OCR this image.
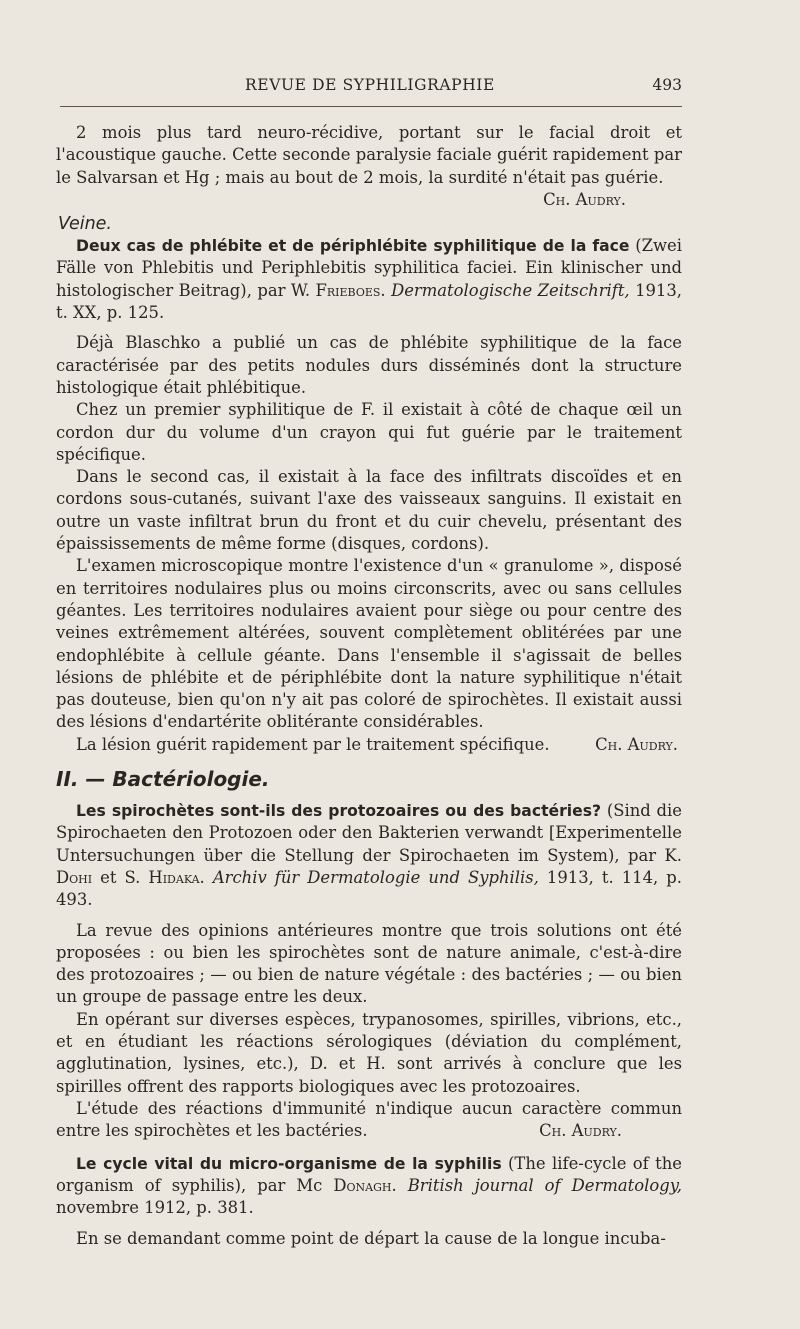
REVUE DE SYPHILIGRAPHIE	493

2 mois plus tard neuro-récidive, portant sur le facial droit et l'acoustique gauche. Cette seconde paralysie faciale guérit rapidement par le Salvarsan et Hg ; mais au bout de 2 mois, la surdité n'était pas guérie.

Ch. Audry.

Veine.

Deux cas de phlébite et de périphlébite syphilitique de la face (Zwei Fälle von Phlebitis und Periphlebitis syphilitica faciei. Ein klinischer und histologischer Beitrag), par W. Frieboes. Dermatologische Zeitschrift, 1913, t. XX, p. 125.

Déjà Blaschko a publié un cas de phlébite syphilitique de la face caractérisée par des petits nodules durs disséminés dont la structure histologique était phlébitique.

Chez un premier syphilitique de F. il existait à côté de chaque œil un cordon dur du volume d'un crayon qui fut guérie par le traitement spécifique.

Dans le second cas, il existait à la face des infiltrats discoïdes et en cordons sous-cutanés, suivant l'axe des vaisseaux sanguins. Il existait en outre un vaste infiltrat brun du front et du cuir chevelu, présentant des épaississements de même forme (disques, cordons).

L'examen microscopique montre l'existence d'un « granulome », disposé en territoires nodulaires plus ou moins circonscrits, avec ou sans cellules géantes. Les territoires nodulaires avaient pour siège ou pour centre des veines extrêmement altérées, souvent complètement oblitérées par une endophlébite à cellule géante. Dans l'ensemble il s'agissait de belles lésions de phlébite et de périphlébite dont la nature syphilitique n'était pas douteuse, bien qu'on n'y ait pas coloré de spirochètes. Il existait aussi des lésions d'endartérite oblitérante considérables.

La lésion guérit rapidement par le traitement spécifique.	Ch. Audry.

II. — Bactériologie.

Les spirochètes sont-ils des protozoaires ou des bactéries? (Sind die Spirochaeten den Protozoen oder den Bakterien verwandt [Experimentelle Untersuchungen über die Stellung der Spirochaeten im System), par K. Dohi et S. Hidaka. Archiv für Dermatologie und Syphilis, 1913, t. 114, p. 493.

La revue des opinions antérieures montre que trois solutions ont été proposées : ou bien les spirochètes sont de nature animale, c'est-à-dire des protozoaires ; — ou bien de nature végétale : des bactéries ; — ou bien un groupe de passage entre les deux.

En opérant sur diverses espèces, trypanosomes, spirilles, vibrions, etc., et en étudiant les réactions sérologiques (déviation du complément, agglutination, lysines, etc.), D. et H. sont arrivés à conclure que les spirilles offrent des rapports biologiques avec les protozoaires.

L'étude des réactions d'immunité n'indique aucun caractère commun entre les spirochètes et les bactéries.	Ch. Audry.

Le cycle vital du micro-organisme de la syphilis (The life-cycle of the organism of syphilis), par Mc Donagh. British journal of Dermatology, novembre 1912, p. 381.

En se demandant comme point de départ la cause de la longue incuba-
